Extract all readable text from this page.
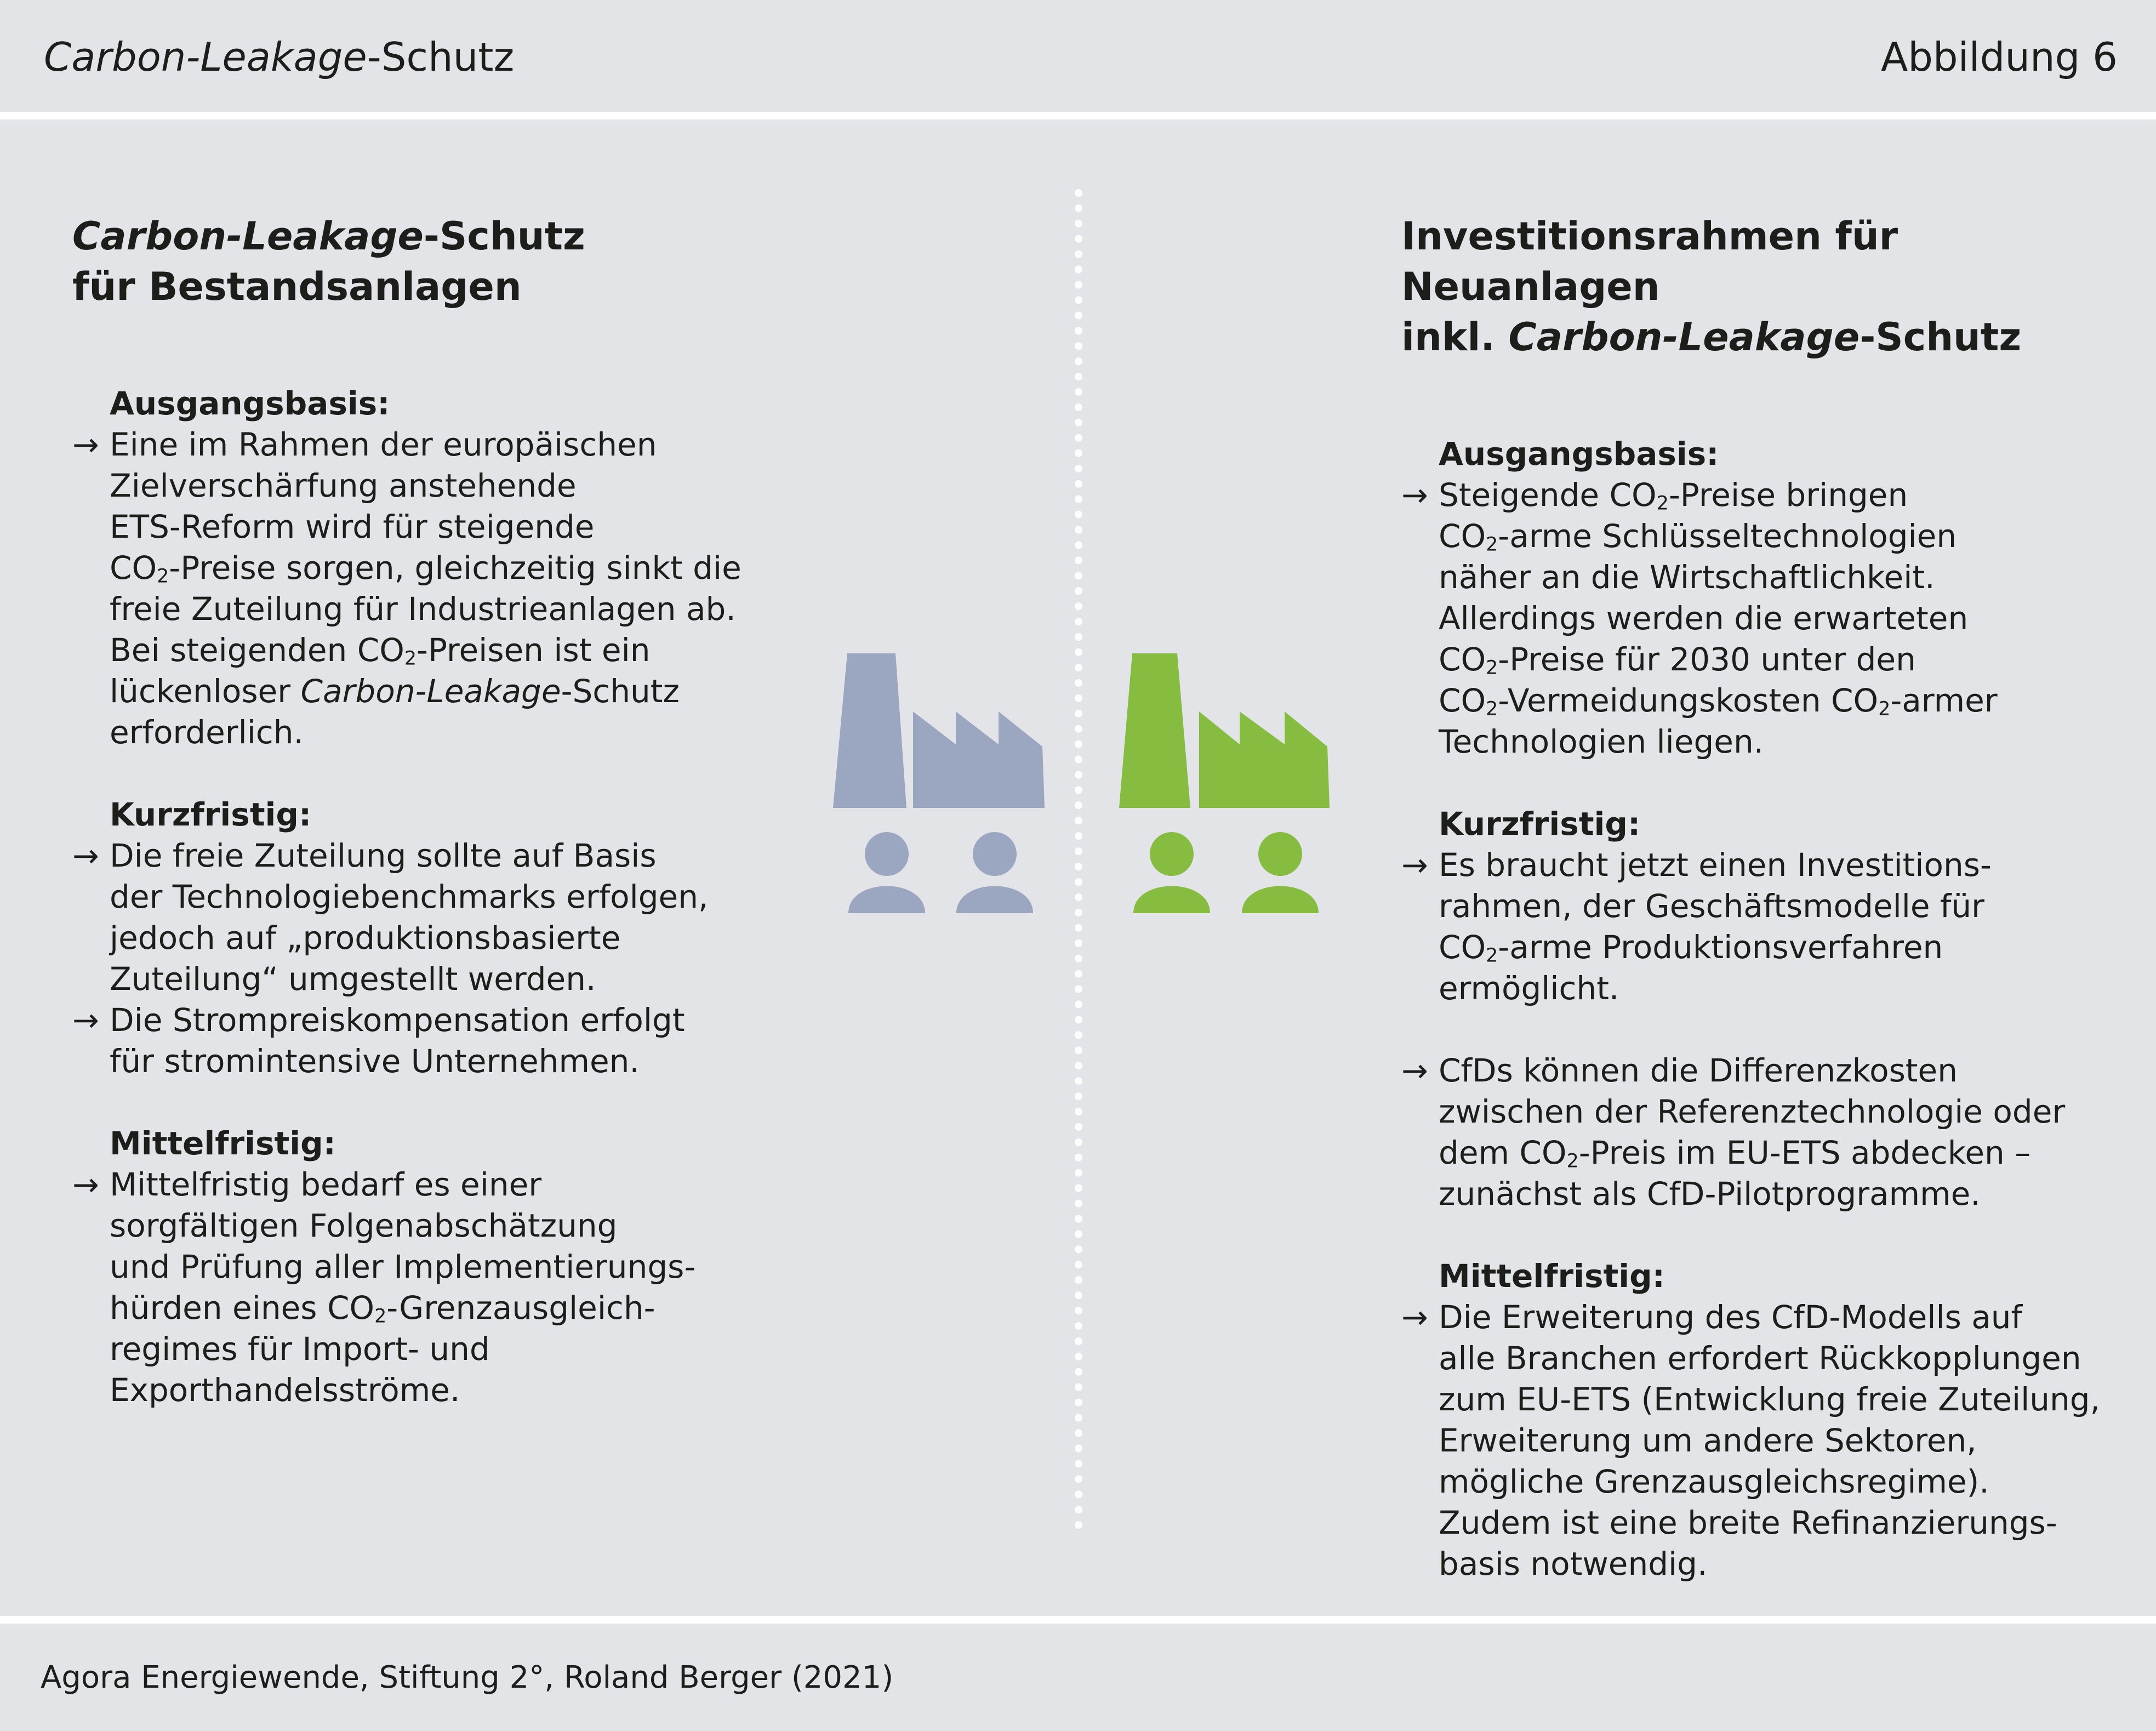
Carbon-Leakage-Schutz	Abbildung 6
Carbon-Leakage-Schutz
für Bestandsanlagen
Ausgangsbasis:
→ Eine im Rahmen der europäischen
Zielverschärfung anstehende
ETS-Reform wird für steigende
$CO_2$-Preise sorgen, gleichzeitig sinkt die
freie Zuteilung für Industrieanlagen ab.
Bei steigenden $CO_2$-Preisen ist ein
lückenloser Carbon-Leakage-Schutz
erforderlich.
Kurzfristig:
→ Die freie Zuteilung sollte auf Basis
der Technologiebenchmarks erfolgen,
jedoch auf „produktionsbasierte
Zuteilung“ umgestellt werden.
→ Die Strompreiskompensation erfolgt
für stromintensive Unternehmen.
Mittelfristig:
→ Mittelfristig bedarf es einer
sorgfältigen Folgenabschätzung
und Prüfung aller Implementierungs-
hürden eines $CO_2-Grenzausgleich-$
regimes für Import- und
Exporthandelsströme.
Investitionsrahmen für Neuanlagen
inkl. Carbon-Leakage-Schutz
Ausgangsbasis:
→ Steigende $CO_2$-Preise bringen
$CO_2$-arme Schlüsseltechnologien
näher an die Wirtschaftlichkeit.
Allerdings werden die erwarteten
$CO_2$-Preise für 2030 unter den
$CO_2$-Vermeidungskosten $CO_2$-armer
Technologien liegen.
Kurzfristig:
→ Es braucht jetzt einen Investitions-
rahmen, der Geschäftsmodelle für
$CO_2$-arme Produktionsverfahren
ermöglicht.
→ CfDs können die Differenzkosten
zwischen der Referenztechnologie oder
dem $CO_2$-Preis im EU-ETS abdecken –
zunächst als CfD-Pilotprogramme.
Mittelfristig:
→ Die Erweiterung des CfD-Modells auf
alle Branchen erfordert Rückkopplungen
zum EU-ETS (Entwicklung freie Zuteilung,
Erweiterung um andere Sektoren,
mögliche Grenzausgleichsregime).
Zudem ist eine breite Refinanzierungs-
basis notwendig.
Agora Energiewende, Stiftung 2°, Roland Berger (2021)
